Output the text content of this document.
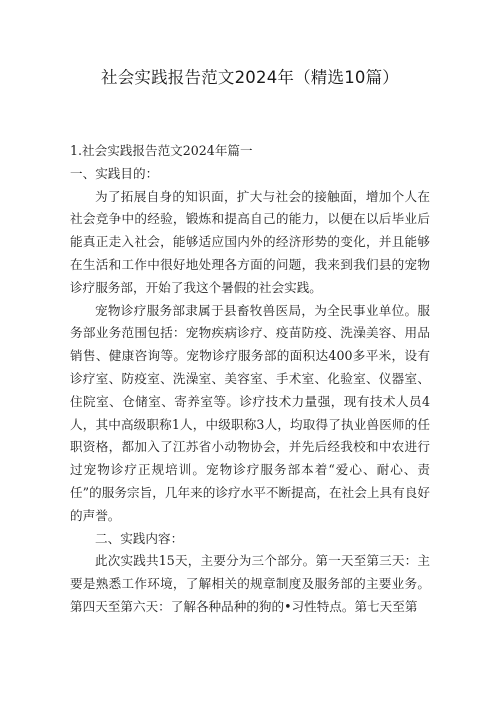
社会实践报告范文2024年（精选10篇）

1.社会实践报告范文2024年篇一

一、实践目的：

为了拓展自身的知识面，扩大与社会的接触面，增加个人在社会竞争中的经验，锻炼和提高自己的能力，以便在以后毕业后能真正走入社会，能够适应国内外的经济形势的变化，并且能够在生活和工作中很好地处理各方面的问题，我来到我们县的宠物诊疗服务部，开始了我这个暑假的社会实践。

宠物诊疗服务部隶属于县畜牧兽医局，为全民事业单位。服务部业务范围包括：宠物疾病诊疗、疫苗防疫、洗澡美容、用品销售、健康咨询等。宠物诊疗服务部的面积达400多平米，设有诊疗室、防疫室、洗澡室、美容室、手术室、化验室、仪器室、住院室、仓储室、寄养室等。诊疗技术力量强，现有技术人员4人，其中高级职称1人，中级职称3人，均取得了执业兽医师的任职资格，都加入了江苏省小动物协会，并先后经我校和中农进行过宠物诊疗正规培训。宠物诊疗服务部本着“爱心、耐心、责任”的服务宗旨，几年来的诊疗水平不断提高，在社会上具有良好的声誉。

二、实践内容：

此次实践共15天，主要分为三个部分。第一天至第三天：主要是熟悉工作环境，了解相关的规章制度及服务部的主要业务。第四天至第六天：了解各种品种的狗的•习性特点。第七天至第
